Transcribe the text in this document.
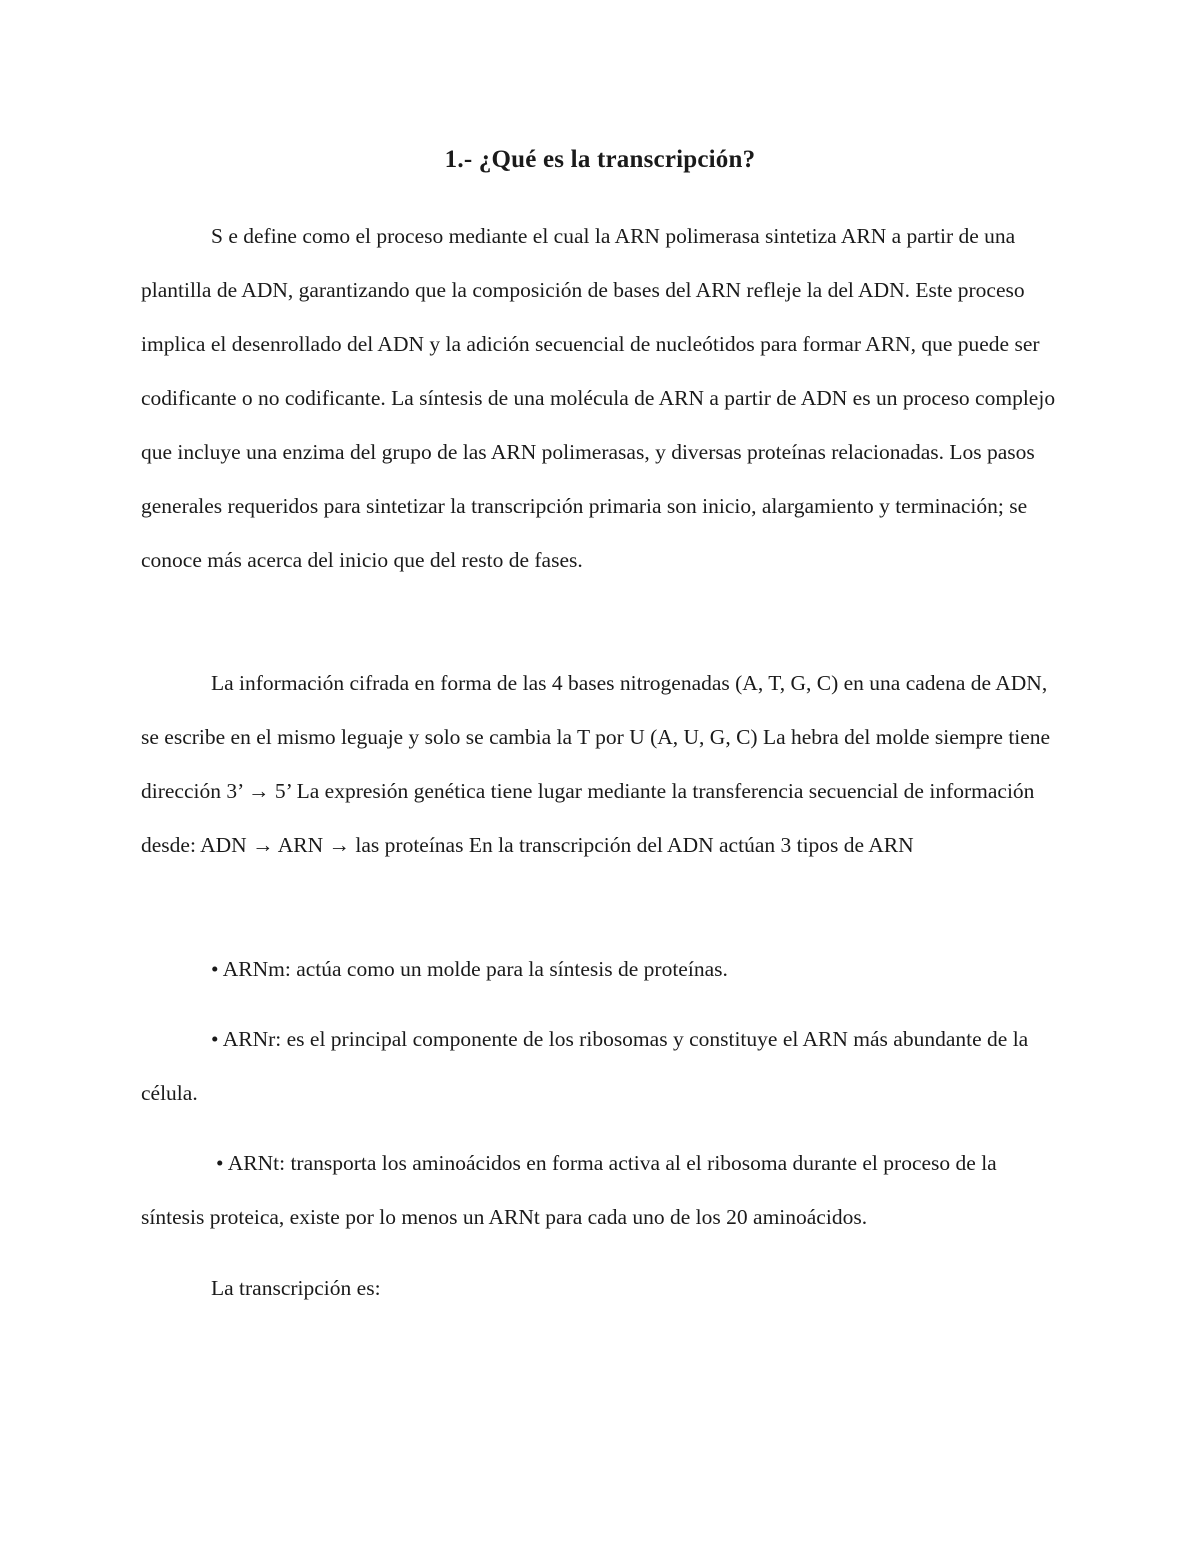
1.- ¿Qué es la transcripción?

S e define como el proceso mediante el cual la ARN polimerasa sintetiza ARN a partir de una plantilla de ADN, garantizando que la composición de bases del ARN refleje la del ADN. Este proceso implica el desenrollado del ADN y la adición secuencial de nucleótidos para formar ARN, que puede ser codificante o no codificante. La síntesis de una molécula de ARN a partir de ADN es un proceso complejo que incluye una enzima del grupo de las ARN polimerasas, y diversas proteínas relacionadas. Los pasos generales requeridos para sintetizar la transcripción primaria son inicio, alargamiento y terminación; se conoce más acerca del inicio que del resto de fases.

La información cifrada en forma de las 4 bases nitrogenadas (A, T, G, C) en una cadena de ADN, se escribe en el mismo leguaje y solo se cambia la T por U (A, U, G, C) La hebra del molde siempre tiene dirección 3’ → 5’ La expresión genética tiene lugar mediante la transferencia secuencial de información desde: ADN → ARN → las proteínas En la transcripción del ADN actúan 3 tipos de ARN

• ARNm: actúa como un molde para la síntesis de proteínas.

• ARNr: es el principal componente de los ribosomas y constituye el ARN más abundante de la célula.

• ARNt: transporta los aminoácidos en forma activa al el ribosoma durante el proceso de la síntesis proteica, existe por lo menos un ARNt para cada uno de los 20 aminoácidos.

La transcripción es:
